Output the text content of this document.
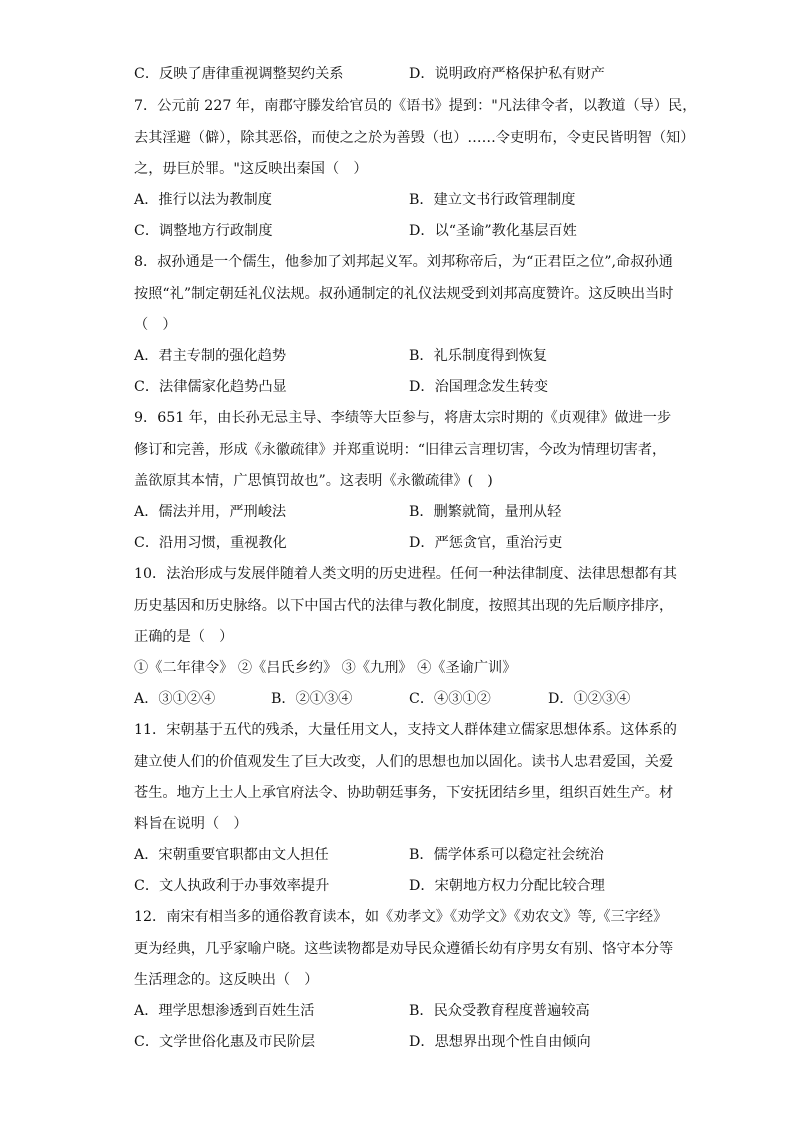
C．反映了唐律重视调整契约关系	D．说明政府严格保护私有财产
7．公元前 227 年，南郡守滕发给官员的《语书》提到："凡法律令者，以教道（导）民，
去其淫避（僻），除其恶俗，而使之之於为善毁（也）……令吏明布，令吏民皆明智（知）
之，毋巨於罪。"这反映出秦国（　）
A．推行以法为教制度	B．建立文书行政管理制度
C．调整地方行政制度	D．以“圣谕”教化基层百姓
8．叔孙通是一个儒生，他参加了刘邦起义军。刘邦称帝后，为“正君臣之位”,命叔孙通
按照“礼”制定朝廷礼仪法规。叔孙通制定的礼仪法规受到刘邦高度赞许。这反映出当时
（　）
A．君主专制的强化趋势	B．礼乐制度得到恢复
C．法律儒家化趋势凸显	D．治国理念发生转变
9．651 年，由长孙无忌主导、李绩等大臣参与，将唐太宗时期的《贞观律》做进一步
修订和完善，形成《永徽疏律》并郑重说明：“旧律云言理切害，今改为情理切害者，
盖欲原其本情，广思慎罚故也”。这表明《永徽疏律》(　)
A．儒法并用，严刑峻法	B．删繁就简，量刑从轻
C．沿用习惯，重视教化	D．严惩贪官，重治污吏
10．法治形成与发展伴随着人类文明的历史进程。任何一种法律制度、法律思想都有其
历史基因和历史脉络。以下中国古代的法律与教化制度，按照其出现的先后顺序排序，
正确的是（　）
①《二年律令》 ②《吕氏乡约》 ③《九刑》 ④《圣谕广训》
A．③①②④	B．②①③④	C．④③①②	D．①②③④
11．宋朝基于五代的残杀，大量任用文人，支持文人群体建立儒家思想体系。这体系的
建立使人们的价值观发生了巨大改变，人们的思想也加以固化。读书人忠君爱国，关爱
苍生。地方上士人上承官府法令、协助朝廷事务，下安抚团结乡里，组织百姓生产。材
料旨在说明（　）
A．宋朝重要官职都由文人担任	B．儒学体系可以稳定社会统治
C．文人执政利于办事效率提升	D．宋朝地方权力分配比较合理
12．南宋有相当多的通俗教育读本，如《劝孝文》《劝学文》《劝农文》等,《三字经》
更为经典，几乎家喻户晓。这些读物都是劝导民众遵循长幼有序男女有别、恪守本分等
生活理念的。这反映出（　）
A．理学思想渗透到百姓生活	B．民众受教育程度普遍较高
C．文学世俗化惠及市民阶层	D．思想界出现个性自由倾向
